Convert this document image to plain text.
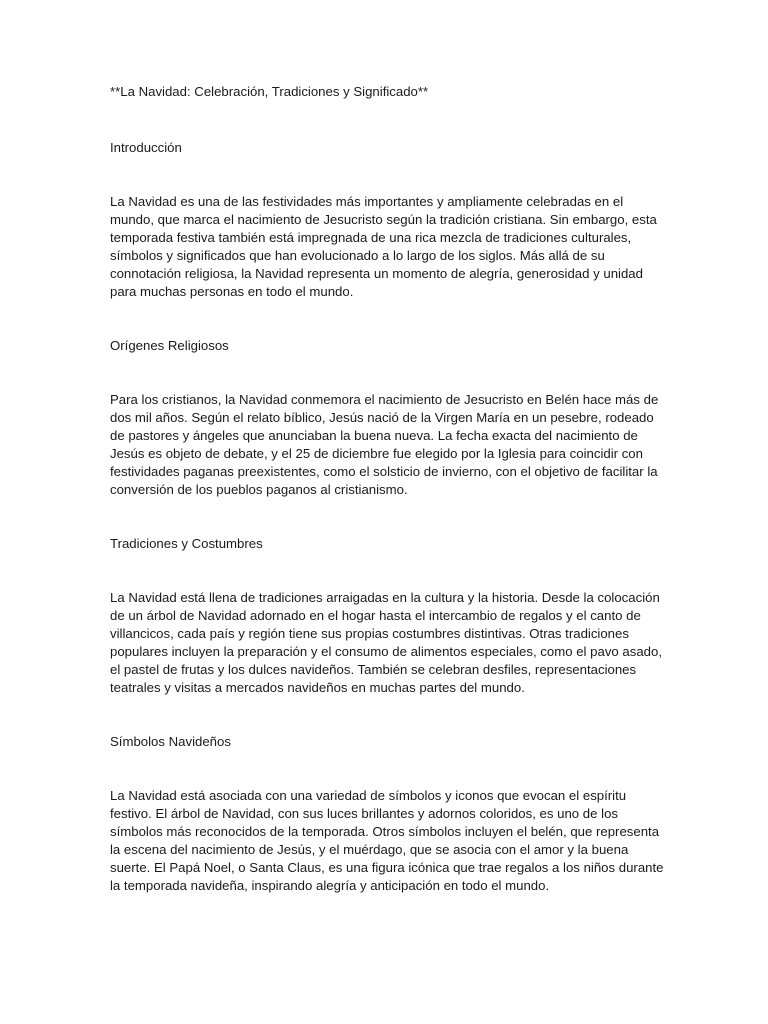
**La Navidad: Celebración, Tradiciones y Significado**

Introducción

La Navidad es una de las festividades más importantes y ampliamente celebradas en el mundo, que marca el nacimiento de Jesucristo según la tradición cristiana. Sin embargo, esta temporada festiva también está impregnada de una rica mezcla de tradiciones culturales, símbolos y significados que han evolucionado a lo largo de los siglos. Más allá de su connotación religiosa, la Navidad representa un momento de alegría, generosidad y unidad para muchas personas en todo el mundo.

Orígenes Religiosos

Para los cristianos, la Navidad conmemora el nacimiento de Jesucristo en Belén hace más de dos mil años. Según el relato bíblico, Jesús nació de la Virgen María en un pesebre, rodeado de pastores y ángeles que anunciaban la buena nueva. La fecha exacta del nacimiento de Jesús es objeto de debate, y el 25 de diciembre fue elegido por la Iglesia para coincidir con festividades paganas preexistentes, como el solsticio de invierno, con el objetivo de facilitar la conversión de los pueblos paganos al cristianismo.

Tradiciones y Costumbres

La Navidad está llena de tradiciones arraigadas en la cultura y la historia. Desde la colocación de un árbol de Navidad adornado en el hogar hasta el intercambio de regalos y el canto de villancicos, cada país y región tiene sus propias costumbres distintivas. Otras tradiciones populares incluyen la preparación y el consumo de alimentos especiales, como el pavo asado, el pastel de frutas y los dulces navideños. También se celebran desfiles, representaciones teatrales y visitas a mercados navideños en muchas partes del mundo.

Símbolos Navideños

La Navidad está asociada con una variedad de símbolos y iconos que evocan el espíritu festivo. El árbol de Navidad, con sus luces brillantes y adornos coloridos, es uno de los símbolos más reconocidos de la temporada. Otros símbolos incluyen el belén, que representa la escena del nacimiento de Jesús, y el muérdago, que se asocia con el amor y la buena suerte. El Papá Noel, o Santa Claus, es una figura icónica que trae regalos a los niños durante la temporada navideña, inspirando alegría y anticipación en todo el mundo.
